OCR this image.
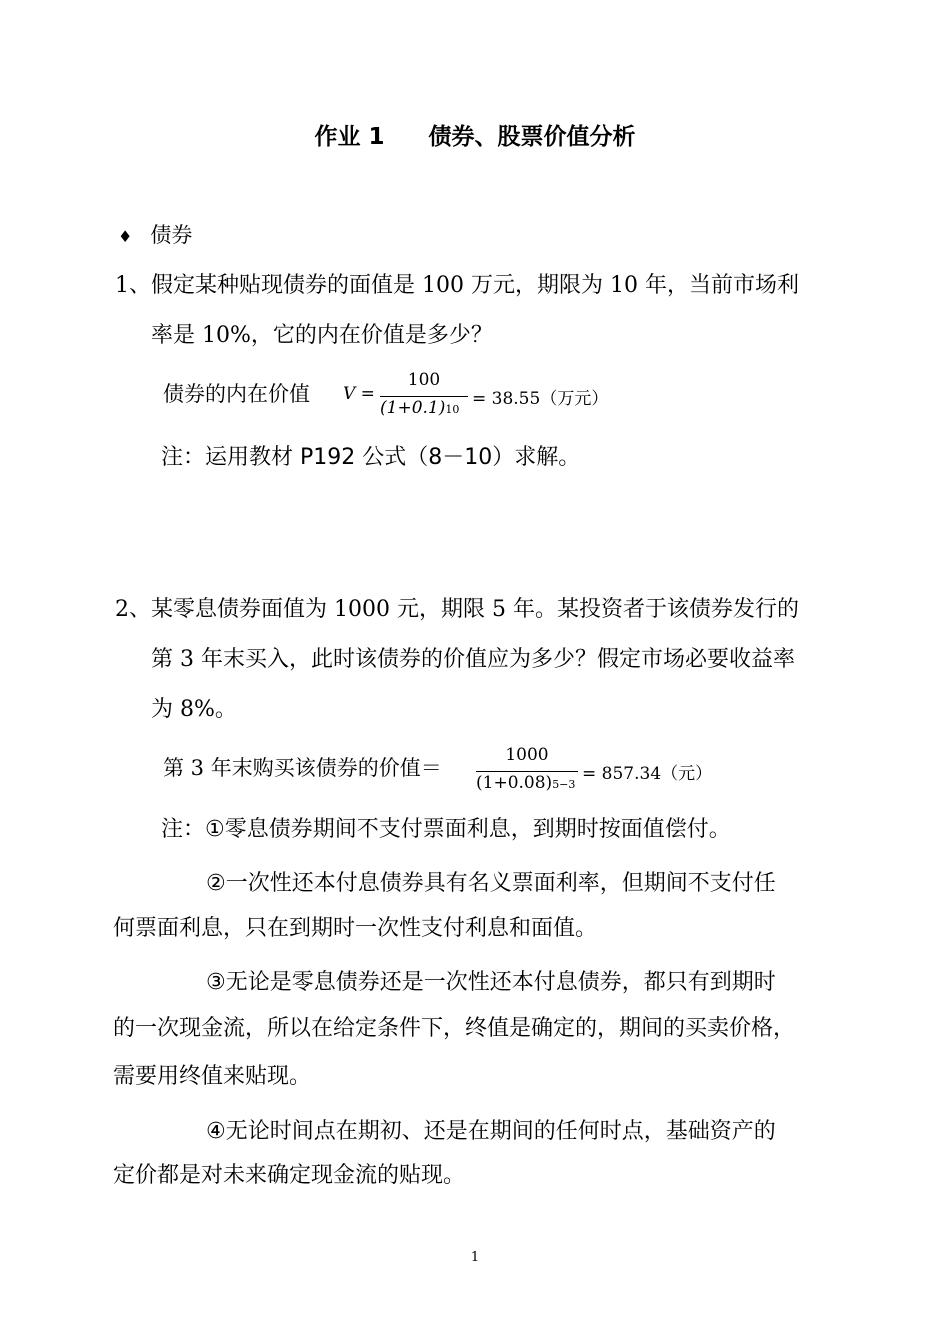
作业 1 债券、股票价值分析
♦ 债券
1、假定某种贴现债券的面值是 100 万元，期限为 10 年，当前市场利
率是 10%，它的内在价值是多少？
债券的内在价值 V =
100
(1+0.1)10
= 38.55（万元）
注：运用教材 P192 公式（8－10）求解。
2、某零息债券面值为 1000 元，期限 5 年。某投资者于该债券发行的
第 3 年末买入，此时该债券的价值应为多少？假定市场必要收益率
为 8%。
第 3 年末购买该债券的价值＝
1000
(1+0.08)5−3
= 857.34（元）
注：①零息债券期间不支付票面利息，到期时按面值偿付。
②一次性还本付息债券具有名义票面利率，但期间不支付任
何票面利息，只在到期时一次性支付利息和面值。
③无论是零息债券还是一次性还本付息债券，都只有到期时
的一次现金流，所以在给定条件下，终值是确定的，期间的买卖价格，
需要用终值来贴现。
④无论时间点在期初、还是在期间的任何时点，基础资产的
定价都是对未来确定现金流的贴现。
1
